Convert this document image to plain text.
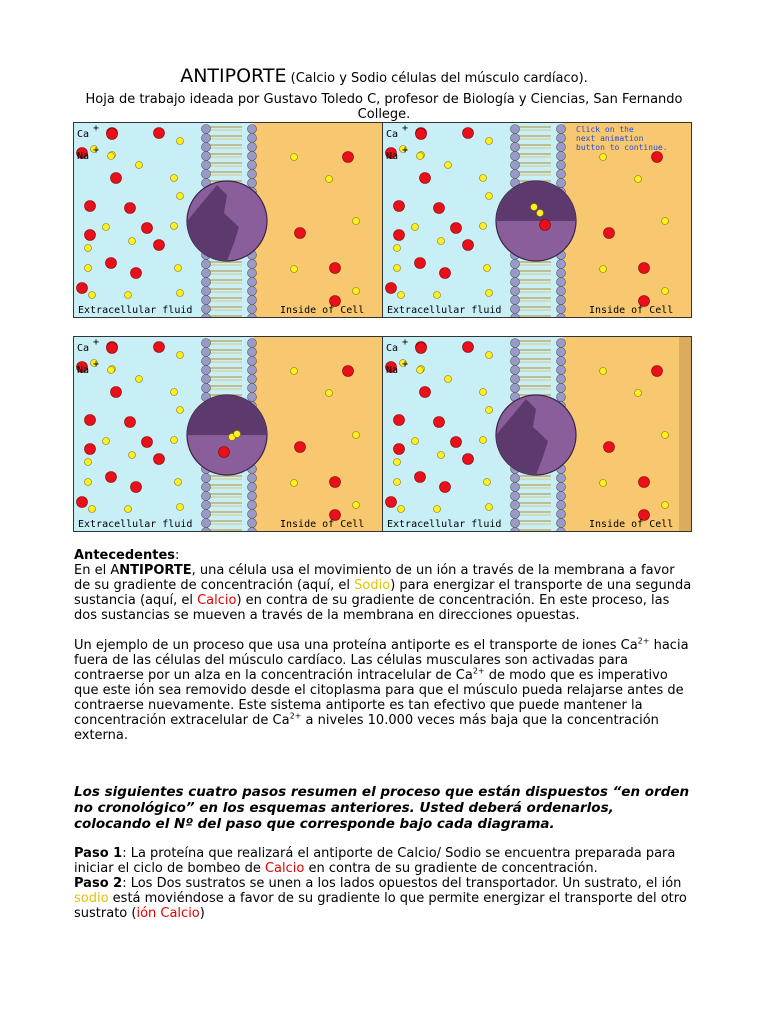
ANTIPORTE (Calcio y Sodio células del músculo cardíaco).
Hoja de trabajo ideada por Gustavo Toledo C, profesor de Biología y Ciencias, San Fernando College.
Ca
+
Na
+
Extracellular fluid	Inside of Cell
Ca
+
Na
+
Extracellular fluid	Inside of Cell
Click on the
next animation
button to continue.
Ca
+
Na
+
Extracellular fluid	Inside of Cell
Ca
+
Na
+
Extracellular fluid	Inside of Cell
Antecedentes:
En el ANTIPORTE, una célula usa el movimiento de un ión a través de la membrana a favor de su gradiente de concentración (aquí, el Sodio) para energizar el transporte de una segunda sustancia (aquí, el Calcio) en contra de su gradiente de concentración. En este proceso, las dos sustancias se mueven a través de la membrana en direcciones opuestas.
Un ejemplo de un proceso que usa una proteína antiporte es el transporte de iones $Ca^{2+}$ hacia fuera de las células del músculo cardíaco. Las células musculares son activadas para contraerse por un alza en la concentración intracelular de $Ca^{2+}$ de modo que es imperativo que este ión sea removido desde el citoplasma para que el músculo pueda relajarse antes de contraerse nuevamente. Este sistema antiporte es tan efectivo que puede mantener la concentración extracelular de $Ca^{2+}$ a niveles 10.000 veces más baja que la concentración externa.
Los siguientes cuatro pasos resumen el proceso que están dispuestos “en orden no cronológico” en los esquemas anteriores. Usted deberá ordenarlos, colocando el Nº del paso que corresponde bajo cada diagrama.
Paso 1: La proteína que realizará el antiporte de Calcio/ Sodio se encuentra preparada para iniciar el ciclo de bombeo de Calcio en contra de su gradiente de concentración.
Paso 2: Los Dos sustratos se unen a los lados opuestos del transportador. Un sustrato, el ión sodio está moviéndose a favor de su gradiente lo que permite energizar el transporte del otro sustrato (ión Calcio)
